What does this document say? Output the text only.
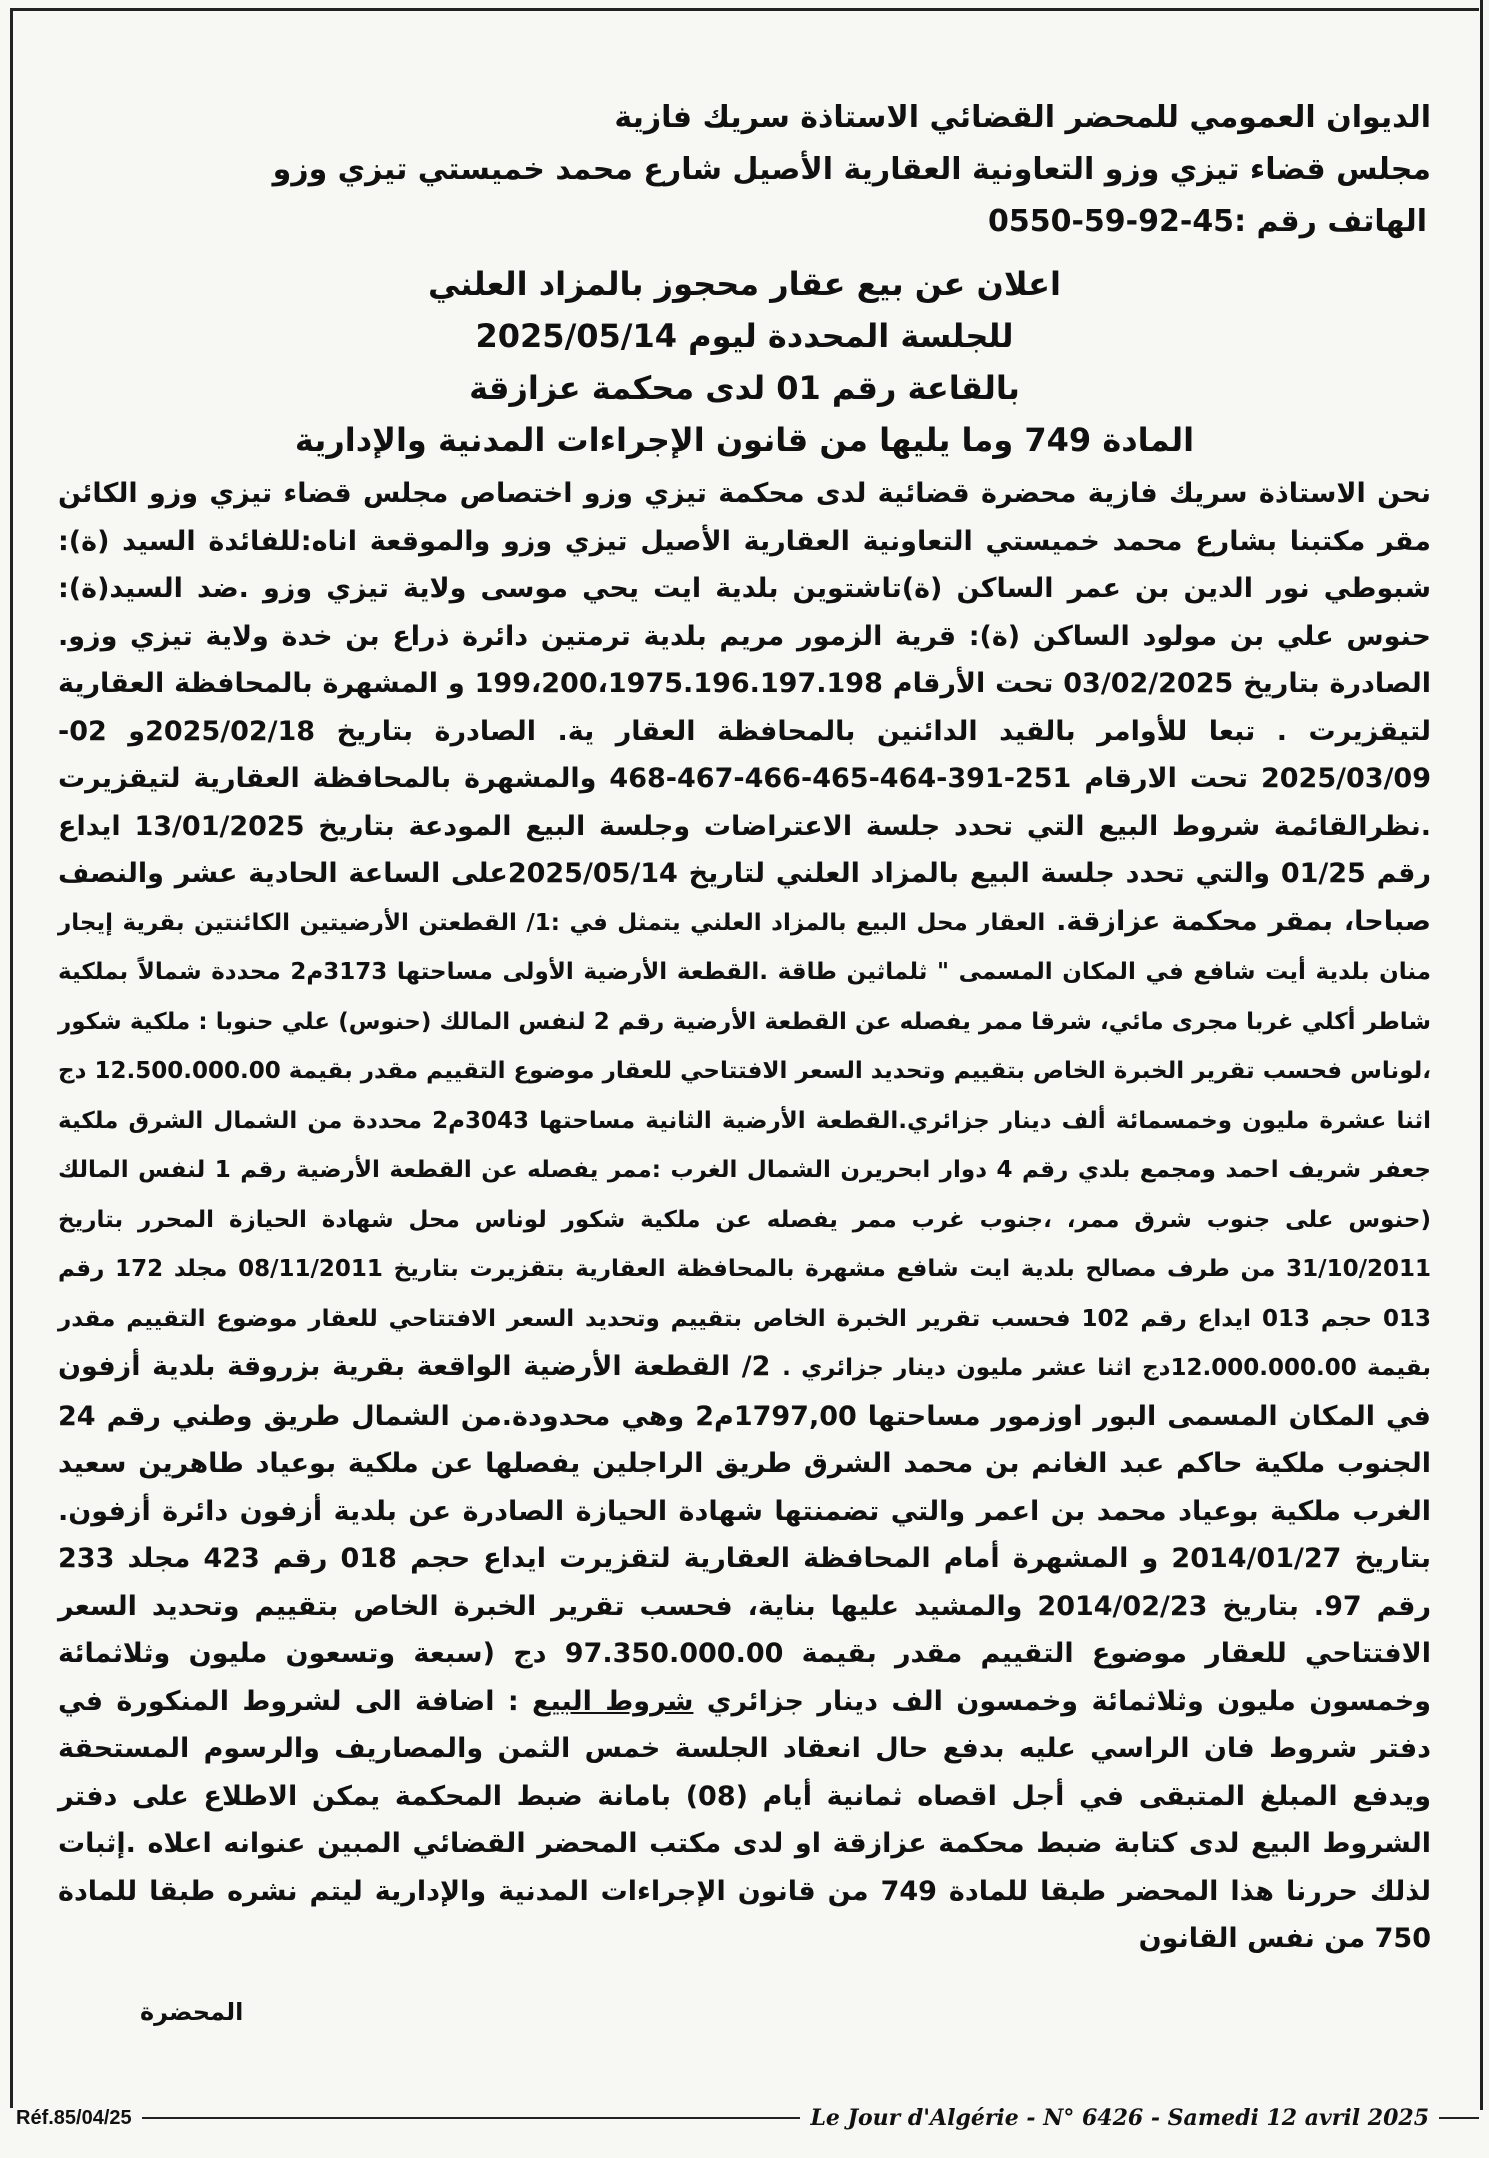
الديوان العمومي للمحضر القضائي الاستاذة سريك فازية

مجلس قضاء تيزي وزو التعاونية العقارية الأصيل شارع محمد خميستي تيزي وزو

الهاتف رقم :45-92-59-0550

اعلان عن بيع عقار محجوز بالمزاد العلني

للجلسة المحددة ليوم 2025/05/14

بالقاعة رقم 01 لدى محكمة عزازقة

المادة 749 وما يليها من قانون الإجراءات المدنية والإدارية

نحن الاستاذة سريك فازية محضرة قضائية لدى محكمة تيزي وزو اختصاص مجلس قضاء تيزي وزو الكائن مقر مكتبنا بشارع محمد خميستي التعاونية العقارية الأصيل تيزي وزو والموقعة اناه:للفائدة السيد (ة): شبوطي نور الدين بن عمر الساكن (ة)تاشتوين بلدية ايت يحي موسى ولاية تيزي وزو .ضد السيد(ة): حنوس علي بن مولود الساكن (ة): قرية الزمور مريم بلدية ترمتين دائرة ذراع بن خدة ولاية تيزي وزو. الصادرة بتاريخ 03/02/2025 تحت الأرقام 199،200،1975.196.197.198 و المشهرة بالمحافظة العقارية لتيقزيرت . تبعا للأوامر بالقيد الدائنين بالمحافظة العقار ية. الصادرة بتاريخ 2025/02/18و 02-2025/03/09 تحت الارقام 251-391-464-465-466-467-468 والمشهرة بالمحافظة العقارية لتيقزيرت .نظرالقائمة شروط البيع التي تحدد جلسة الاعتراضات وجلسة البيع المودعة بتاريخ 13/01/2025 ايداع رقم 01/25 والتي تحدد جلسة البيع بالمزاد العلني لتاريخ 2025/05/14على الساعة الحادية عشر والنصف صباحا، بمقر محكمة عزازقة. العقار محل البيع بالمزاد العلني يتمثل في :1/ القطعتن الأرضيتين الكائنتين بقرية إيجار منان بلدية أيت شافع في المكان المسمى " ثلماثين طاقة .القطعة الأرضية الأولى مساحتها 3173م2 محددة شمالاً بملكية شاطر أكلي غربا مجرى مائي، شرقا ممر يفصله عن القطعة الأرضية رقم 2 لنفس المالك (حنوس) علي حنوبا : ملكية شكور ،لوناس فحسب تقرير الخبرة الخاص بتقييم وتحديد السعر الافتتاحي للعقار موضوع التقييم مقدر بقيمة 12.500.000.00 دج اثنا عشرة مليون وخمسمائة ألف دينار جزائري.القطعة الأرضية الثانية مساحتها 3043م2 محددة من الشمال الشرق ملكية جعفر شريف احمد ومجمع بلدي رقم 4 دوار ابحريرن الشمال الغرب :ممر يفصله عن القطعة الأرضية رقم 1 لنفس المالك (حنوس على جنوب شرق ممر، ،جنوب غرب ممر يفصله عن ملكية شكور لوناس محل شهادة الحيازة المحرر بتاريخ 31/10/2011 من طرف مصالح بلدية ايت شافع مشهرة بالمحافظة العقارية بتقزيرت بتاريخ 08/11/2011 مجلد 172 رقم 013 حجم 013 ايداع رقم 102 فحسب تقرير الخبرة الخاص بتقييم وتحديد السعر الافتتاحي للعقار موضوع التقييم مقدر بقيمة 12.000.000.00دج اثنا عشر مليون دينار جزائري . 2/ القطعة الأرضية الواقعة بقرية بزروقة بلدية أزفون في المكان المسمى البور اوزمور مساحتها 1797,00م2 وهي محدودة.من الشمال طريق وطني رقم 24 الجنوب ملكية حاكم عبد الغانم بن محمد الشرق طريق الراجلين يفصلها عن ملكية بوعياد طاهرين سعيد الغرب ملكية بوعياد محمد بن اعمر والتي تضمنتها شهادة الحيازة الصادرة عن بلدية أزفون دائرة أزفون. بتاريخ 2014/01/27 و المشهرة أمام المحافظة العقارية لتقزيرت ايداع حجم 018 رقم 423 مجلد 233 رقم 97. بتاريخ 2014/02/23 والمشيد عليها بناية، فحسب تقرير الخبرة الخاص بتقييم وتحديد السعر الافتتاحي للعقار موضوع التقييم مقدر بقيمة 97.350.000.00 دج (سبعة وتسعون مليون وثلاثمائة وخمسون مليون وثلاثمائة وخمسون الف دينار جزائري شروط البيع : اضافة الى لشروط المنكورة في دفتر شروط فان الراسي عليه بدفع حال انعقاد الجلسة خمس الثمن والمصاريف والرسوم المستحقة ويدفع المبلغ المتبقى في أجل اقصاه ثمانية أيام (08) بامانة ضبط المحكمة يمكن الاطلاع على دفتر الشروط البيع لدى كتابة ضبط محكمة عزازقة او لدى مكتب المحضر القضائي المبين عنوانه اعلاه .إثبات لذلك حررنا هذا المحضر طبقا للمادة 749 من قانون الإجراءات المدنية والإدارية ليتم نشره طبقا للمادة 750 من نفس القانون

المحضرة
Réf.85/04/25	Le Jour d'Algérie - N° 6426 - Samedi 12 avril 2025
